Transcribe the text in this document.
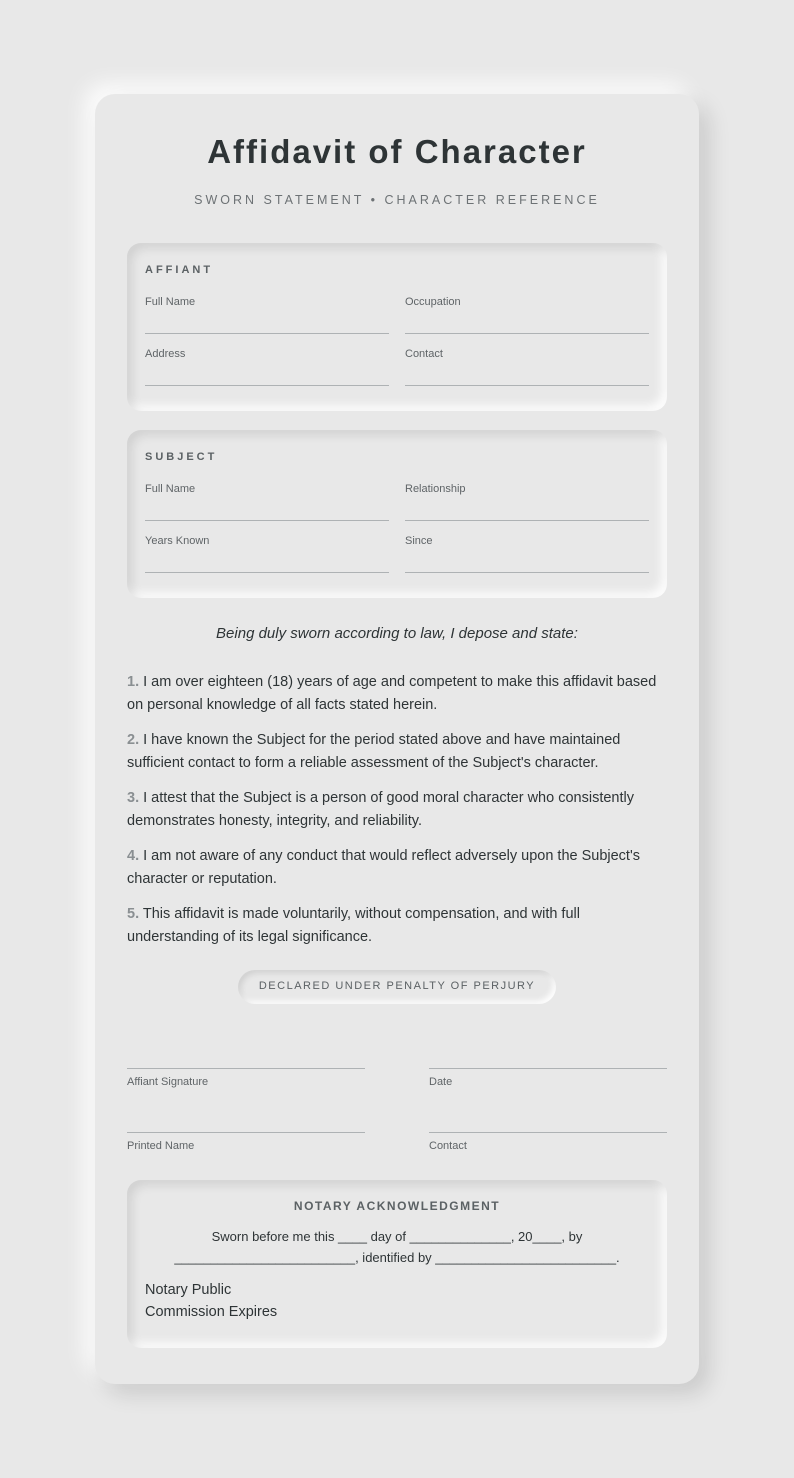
Affidavit of Character
SWORN STATEMENT • CHARACTER REFERENCE
AFFIANT
Full Name	Occupation
Address	Contact
SUBJECT
Full Name	Relationship
Years Known	Since

Being duly sworn according to law, I depose and state:

1. I am over eighteen (18) years of age and competent to make this affidavit based on personal knowledge of all facts stated herein.

2. I have known the Subject for the period stated above and have maintained sufficient contact to form a reliable assessment of the Subject's character.

3. I attest that the Subject is a person of good moral character who consistently demonstrates honesty, integrity, and reliability.

4. I am not aware of any conduct that would reflect adversely upon the Subject's character or reputation.

5. This affidavit is made voluntarily, without compensation, and with full understanding of its legal significance.

DECLARED UNDER PENALTY OF PERJURY
Affiant Signature	Date
Printed Name	Contact
NOTARY ACKNOWLEDGMENT

Sworn before me this ____ day of ______________, 20____, by _________________________, identified by _________________________.

Notary Public
Commission Expires
